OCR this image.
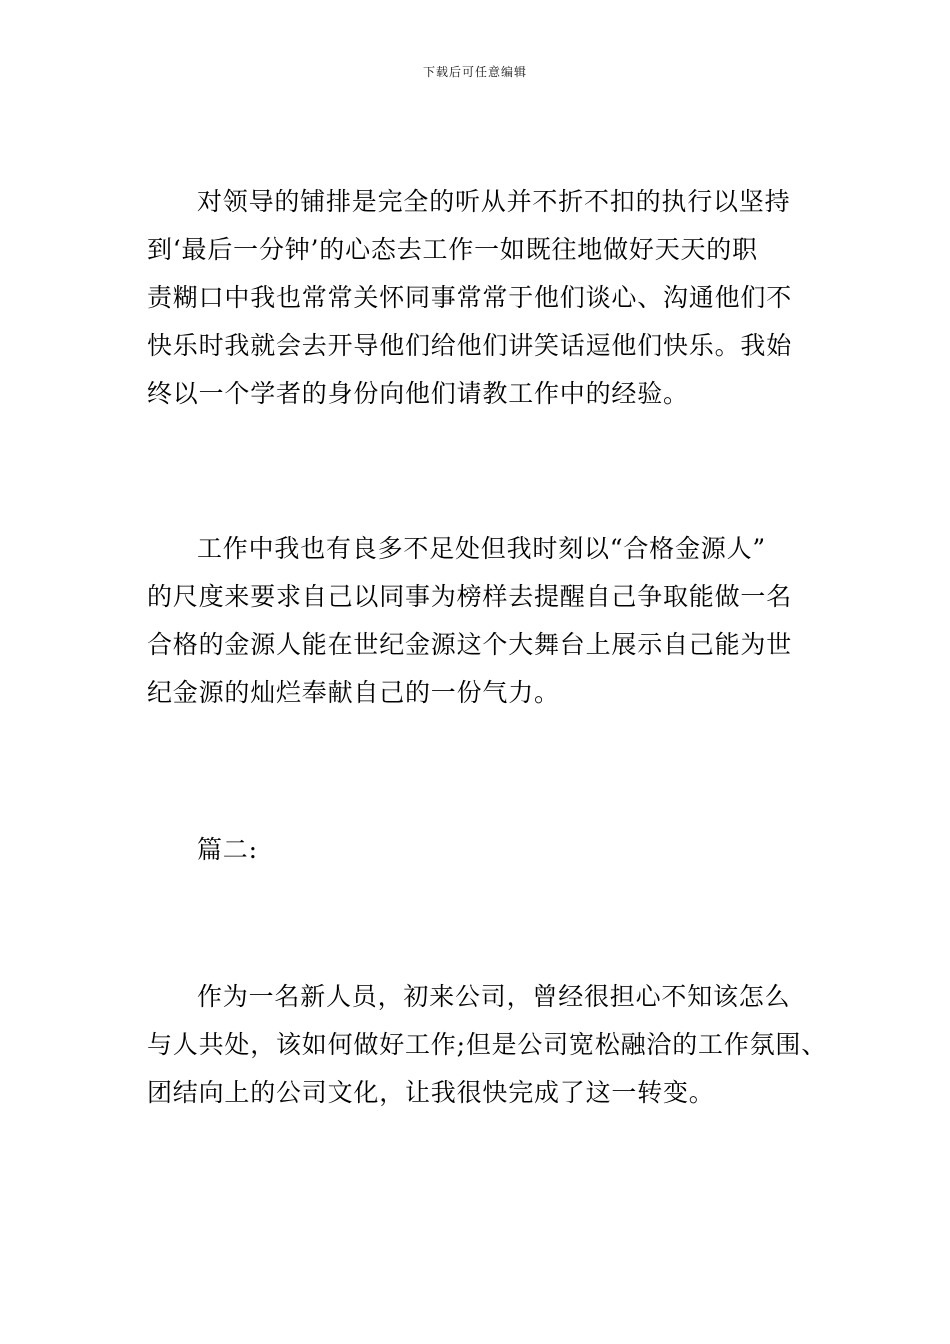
下载后可任意编辑
对领导的铺排是完全的听从并不折不扣的执行以坚持
到‘最后一分钟’的心态去工作一如既往地做好天天的职
责糊口中我也常常关怀同事常常于他们谈心、沟通他们不
快乐时我就会去开导他们给他们讲笑话逗他们快乐。我始
终以一个学者的身份向他们请教工作中的经验。
工作中我也有良多不足处但我时刻以“合格金源人”
的尺度来要求自己以同事为榜样去提醒自己争取能做一名
合格的金源人能在世纪金源这个大舞台上展示自己能为世
纪金源的灿烂奉献自己的一份气力。
篇二:
作为一名新人员，初来公司，曾经很担心不知该怎么
与人共处，该如何做好工作;但是公司宽松融洽的工作氛围、
团结向上的公司文化，让我很快完成了这一转变。
